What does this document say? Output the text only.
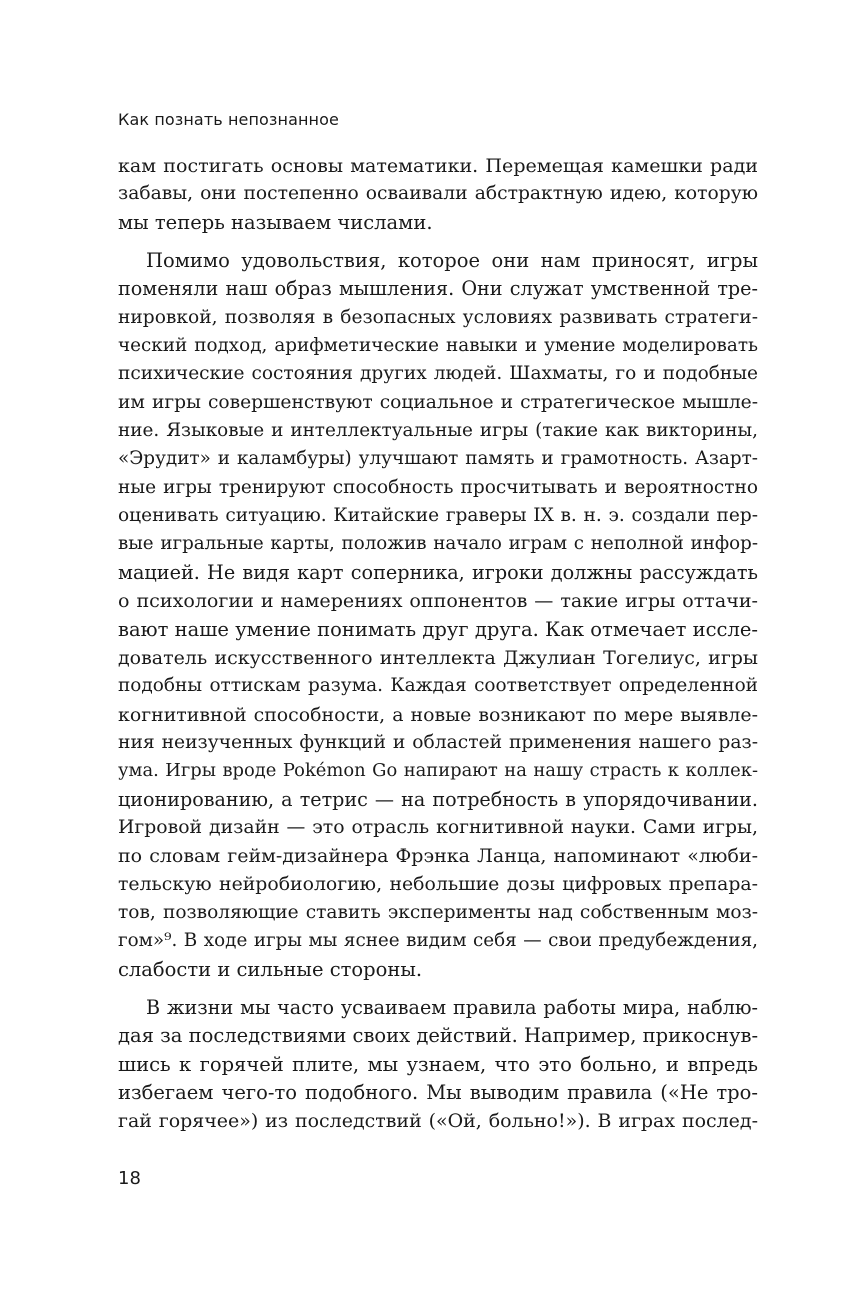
Как познать непознанное
кам постигать основы математики. Перемещая камешки ради
забавы, они постепенно осваивали абстрактную идею, которую
мы теперь называем числами.
Помимо удовольствия, которое они нам приносят, игры
поменяли наш образ мышления. Они служат умственной тре-
нировкой, позволяя в безопасных условиях развивать стратеги-
ческий подход, арифметические навыки и умение моделировать
психические состояния других людей. Шахматы, го и подобные
им игры совершенствуют социальное и стратегическое мышле-
ние. Языковые и интеллектуальные игры (такие как викторины,
«Эрудит» и каламбуры) улучшают память и грамотность. Азарт-
ные игры тренируют способность просчитывать и вероятностно
оценивать ситуацию. Китайские граверы IX в. н. э. создали пер-
вые игральные карты, положив начало играм с неполной инфор-
мацией. Не видя карт соперника, игроки должны рассуждать
о психологии и намерениях оппонентов — такие игры оттачи-
вают наше умение понимать друг друга. Как отмечает иссле-
дователь искусственного интеллекта Джулиан Тогелиус, игры
подобны оттискам разума. Каждая соответствует определенной
когнитивной способности, а новые возникают по мере выявле-
ния неизученных функций и областей применения нашего раз-
ума. Игры вроде Pokémon Go напирают на нашу страсть к коллек-
ционированию, а тетрис — на потребность в упорядочивании.
Игровой дизайн — это отрасль когнитивной науки. Сами игры,
по словам гейм-дизайнера Фрэнка Ланца, напоминают «люби-
тельскую нейробиологию, небольшие дозы цифровых препара-
тов, позволяющие ставить эксперименты над собственным моз-
гом»⁹. В ходе игры мы яснее видим себя — свои предубеждения,
слабости и сильные стороны.
В жизни мы часто усваиваем правила работы мира, наблю-
дая за последствиями своих действий. Например, прикоснув-
шись к горячей плите, мы узнаем, что это больно, и впредь
избегаем чего-то подобного. Мы выводим правила («Не тро-
гай горячее») из последствий («Ой, больно!»). В играх послед-
18
